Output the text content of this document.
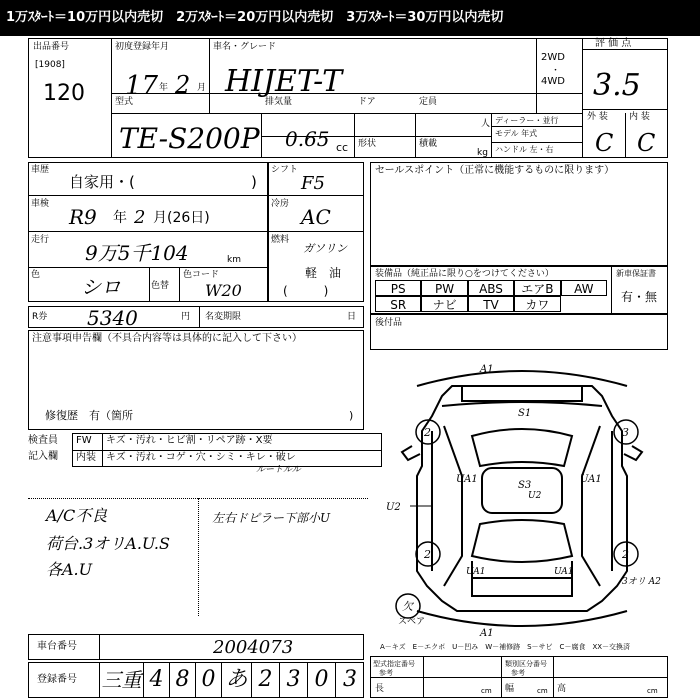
1万ｽﾀｰﾄ＝10万円以内売切　2万ｽﾀｰﾄ＝20万円以内売切　3万ｽﾀｰﾄ＝30万円以内売切
出品番号
[1908]
120
初度登録年月
17 年 2 月
車名・グレード
HIJET-T
2WD
・
4WD
評 価 点
3.5
型式
TE-S200P
排気量
0.65 cc
ドア	定員
人
形状	積載
kg
ディーラー・並行
モデル 年式
ハンドル 左・右
外 装 内 装
C C
車歴
自家用・(	)
車検
R9 年 2 月(26日)
走行
9万5千104	km
色 シロ	色替
色コード
W20
シフト
F5
冷房
AC
燃料
ガソリン
軽　油
(　　　)
セールスポイント（正常に機能するものに限ります）
装備品（純正品に限り○をつけてください）	新車保証書
有・無
PS	PW	ABS	エアB	AW
SR	ナビ	TV	カワ
後付品
R券 5340	円 名変期限	日
注意事項申告欄（不具合内容等は具体的に記入して下さい）
修復歴　有（箇所	)
検査員
記入欄
FW キズ・汚れ・ヒビ割・リペア跡・X要
内装 キズ・汚れ・コゲ・穴・シミ・キレ・破レ
ルートルル
A/C不良
荷台.3オリA.U.S
各A.U
左右ドピラー下部小U
A1
A1
S1
S3
U2
UA1	UA1
U2
UA1	UA1
2	3
2	2
3オリ A2
欠
スペア
A－キズ　E－エクボ　U－凹み　W－補修跡　S－サビ　C－腐食　XX－交換済
車台番号	2004073
登録番号 三重 4 8 0 あ 2 3 0 3
型式指定番号
参考
類別区分番号
参考
長	cm 幅	cm 高	cm
